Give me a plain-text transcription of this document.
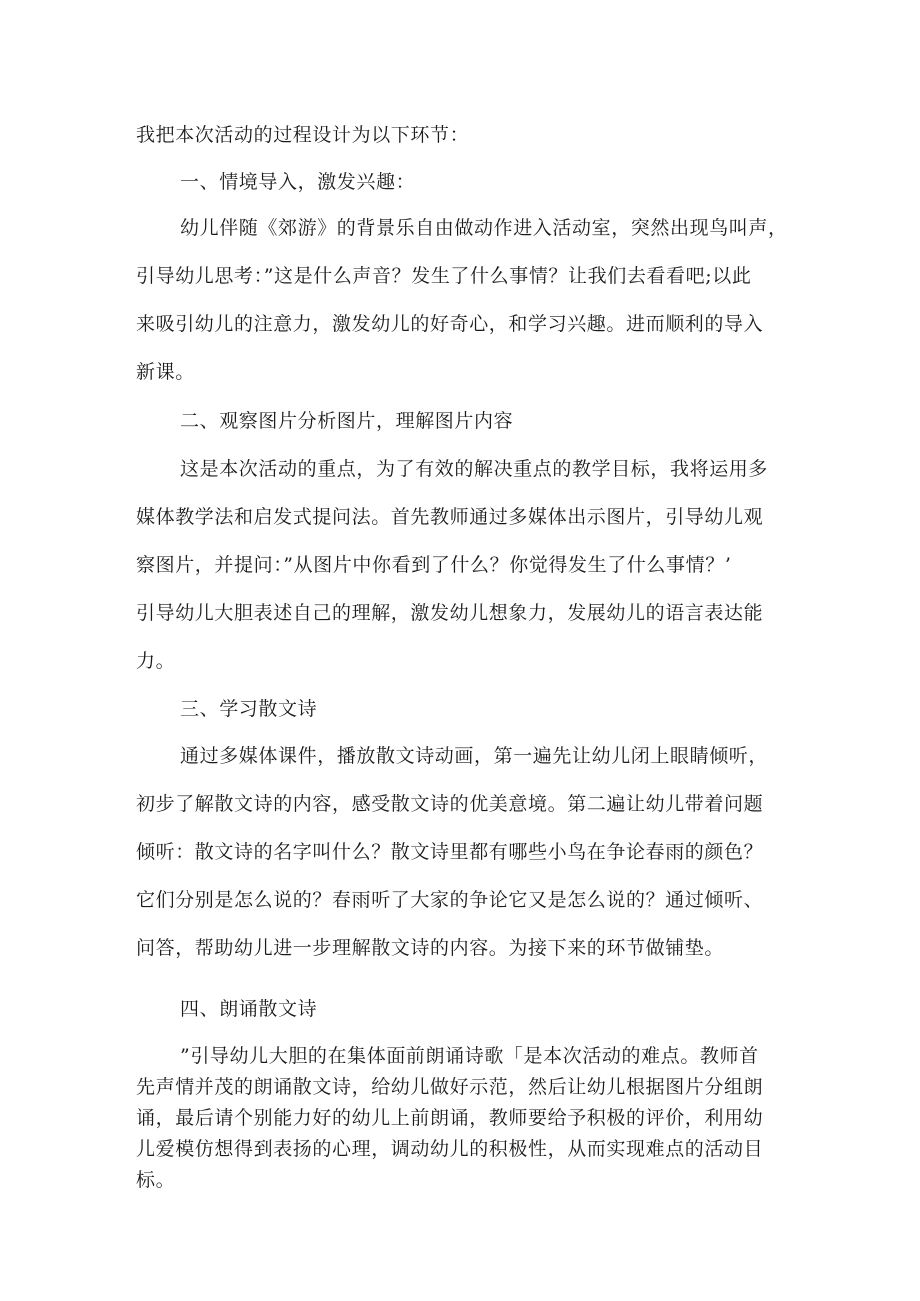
我把本次活动的过程设计为以下环节：
一、情境导入，激发兴趣：
幼儿伴随《郊游》的背景乐自由做动作进入活动室，突然出现鸟叫声，
引导幼儿思考：”这是什么声音？发生了什么事情？让我们去看看吧;以此
来吸引幼儿的注意力，激发幼儿的好奇心，和学习兴趣。进而顺利的导入
新课。
二、观察图片分析图片，理解图片内容
这是本次活动的重点，为了有效的解决重点的教学目标，我将运用多
媒体教学法和启发式提问法。首先教师通过多媒体出示图片，引导幼儿观
察图片，并提问：”从图片中你看到了什么？你觉得发生了什么事情？’
引导幼儿大胆表述自己的理解，激发幼儿想象力，发展幼儿的语言表达能
力。
三、学习散文诗
通过多媒体课件，播放散文诗动画，第一遍先让幼儿闭上眼睛倾听，
初步了解散文诗的内容，感受散文诗的优美意境。第二遍让幼儿带着问题
倾听：散文诗的名字叫什么？散文诗里都有哪些小鸟在争论春雨的颜色？
它们分别是怎么说的？春雨听了大家的争论它又是怎么说的？通过倾听、
问答，帮助幼儿进一步理解散文诗的内容。为接下来的环节做铺垫。
四、朗诵散文诗
”引导幼儿大胆的在集体面前朗诵诗歌「是本次活动的难点。教师首
先声情并茂的朗诵散文诗，给幼儿做好示范，然后让幼儿根据图片分组朗
诵，最后请个别能力好的幼儿上前朗诵，教师要给予积极的评价，利用幼
儿爱模仿想得到表扬的心理，调动幼儿的积极性，从而实现难点的活动目
标。
